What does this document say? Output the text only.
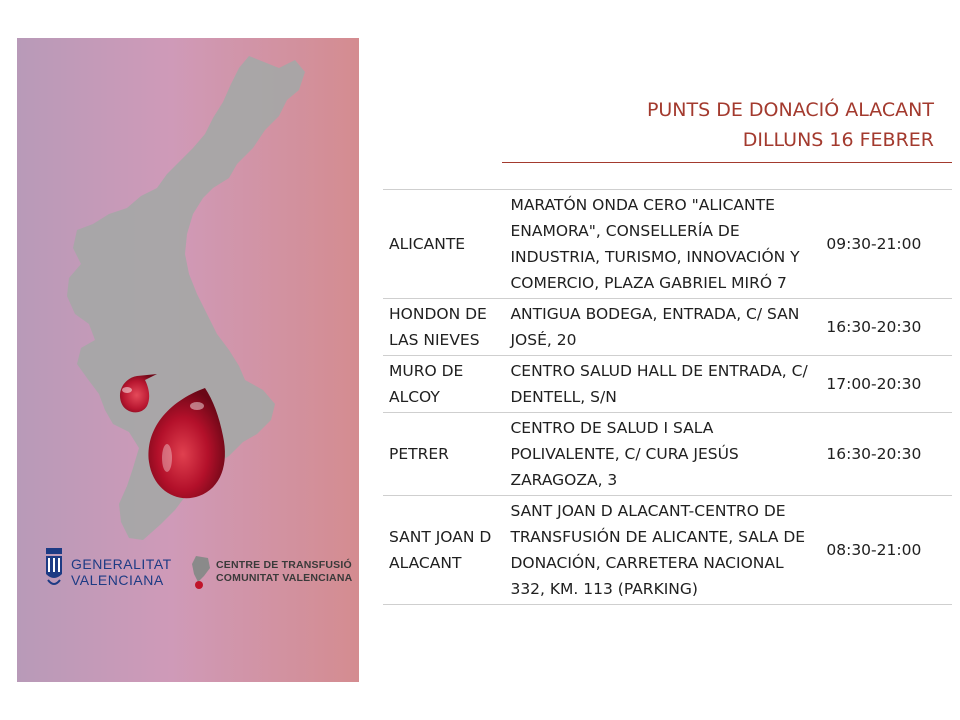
GENERALITAT
VALENCIANA
CENTRE DE TRANSFUSIÓ
COMUNITAT VALENCIANA
PUNTS DE DONACIÓ ALACANT
DILLUNS 16 FEBRER
ALICANTE	MARATÓN ONDA CERO "ALICANTE ENAMORA", CONSELLERÍA DE INDUSTRIA, TURISMO, INNOVACIÓN Y COMERCIO, PLAZA GABRIEL MIRÓ 7	09:30-21:00
HONDON DE LAS NIEVES	ANTIGUA BODEGA, ENTRADA, C/ SAN JOSÉ, 20	16:30-20:30
MURO DE ALCOY	CENTRO SALUD HALL DE ENTRADA, C/ DENTELL, S/N	17:00-20:30
PETRER	CENTRO DE SALUD I SALA POLIVALENTE, C/ CURA JESÚS ZARAGOZA, 3	16:30-20:30
SANT JOAN D ALACANT	SANT JOAN D ALACANT-CENTRO DE TRANSFUSIÓN DE ALICANTE, SALA DE DONACIÓN, CARRETERA NACIONAL 332, KM. 113 (PARKING)	08:30-21:00
